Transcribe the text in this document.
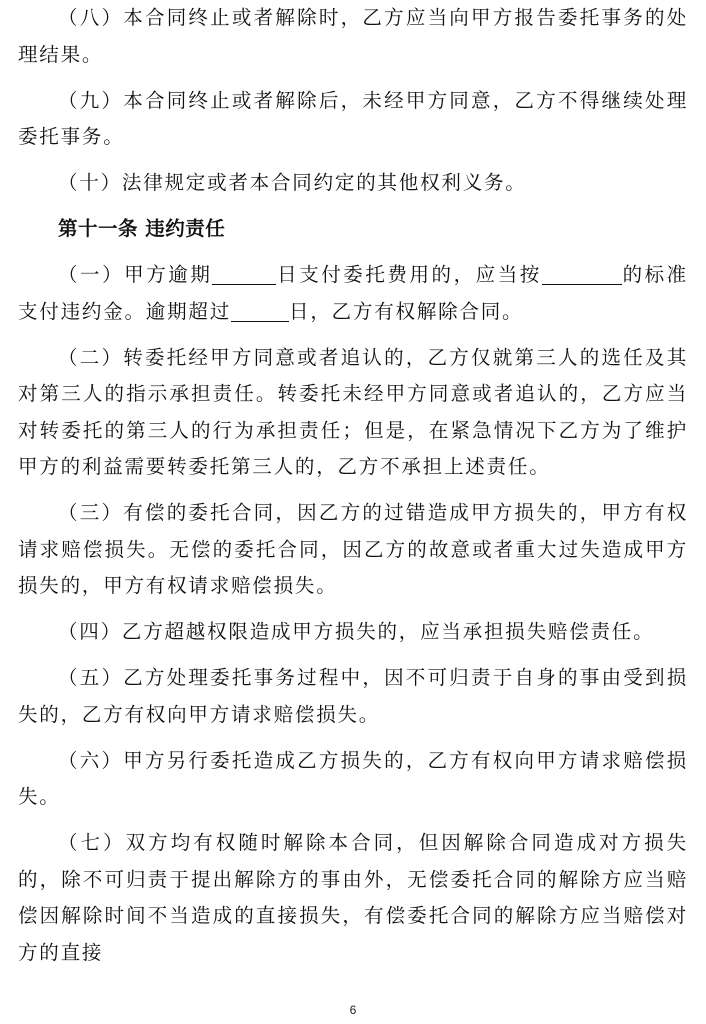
（八）本合同终止或者解除时，乙方应当向甲方报告委托事务的处理结果。

（九）本合同终止或者解除后，未经甲方同意，乙方不得继续处理委托事务。

（十）法律规定或者本合同约定的其他权利义务。

第十一条 违约责任

（一）甲方逾期	日支付委托费用的，应当按	的标准支付违约金。逾期超过	日，乙方有权解除合同。

（二）转委托经甲方同意或者追认的，乙方仅就第三人的选任及其对第三人的指示承担责任。转委托未经甲方同意或者追认的，乙方应当对转委托的第三人的行为承担责任；但是，在紧急情况下乙方为了维护甲方的利益需要转委托第三人的，乙方不承担上述责任。

（三）有偿的委托合同，因乙方的过错造成甲方损失的，甲方有权请求赔偿损失。无偿的委托合同，因乙方的故意或者重大过失造成甲方损失的，甲方有权请求赔偿损失。

（四）乙方超越权限造成甲方损失的，应当承担损失赔偿责任。

（五）乙方处理委托事务过程中，因不可归责于自身的事由受到损失的，乙方有权向甲方请求赔偿损失。

（六）甲方另行委托造成乙方损失的，乙方有权向甲方请求赔偿损失。

（七）双方均有权随时解除本合同，但因解除合同造成对方损失的，除不可归责于提出解除方的事由外，无偿委托合同的解除方应当赔偿因解除时间不当造成的直接损失，有偿委托合同的解除方应当赔偿对方的直接

6
